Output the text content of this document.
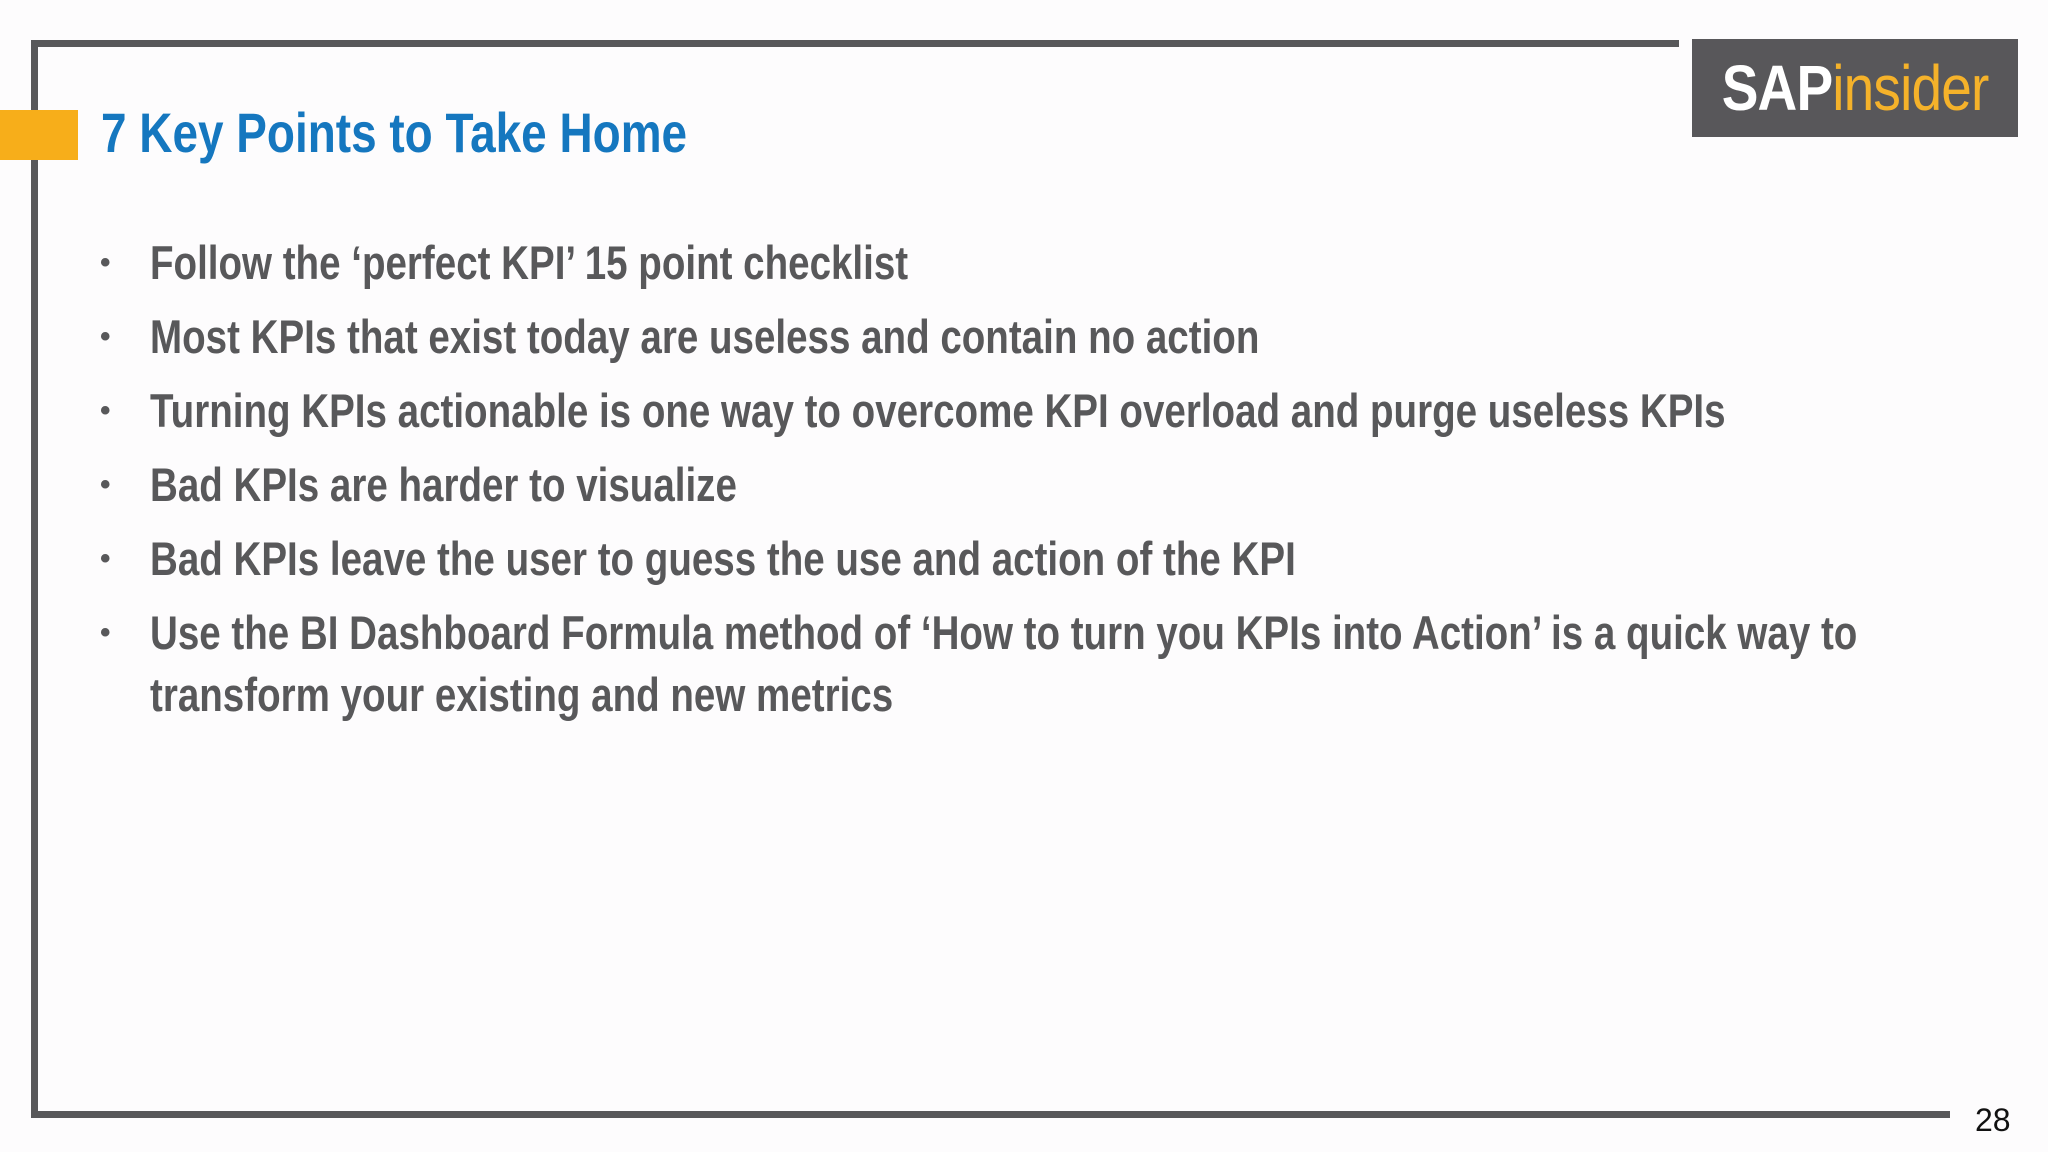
7 Key Points to Take Home
SAPinsider
• Follow the ‘perfect KPI’ 15 point checklist
• Most KPIs that exist today are useless and contain no action
• Turning KPIs actionable is one way to overcome KPI overload and purge useless KPIs
• Bad KPIs are harder to visualize
• Bad KPIs leave the user to guess the use and action of the KPI
• Use the BI Dashboard Formula method of ‘How to turn you KPIs into Action’ is a quick way to transform your existing and new metrics
28
